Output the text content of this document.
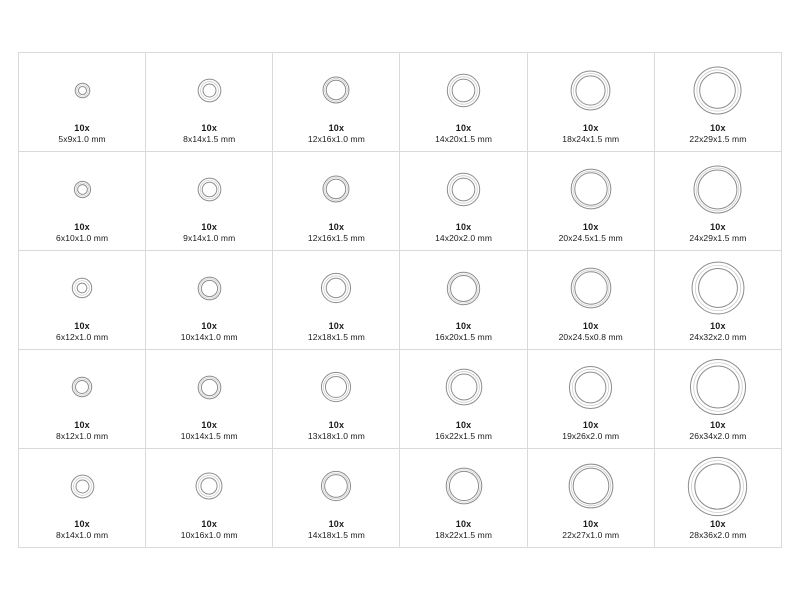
10x
5x9x1.0 mm
10x
8x14x1.5 mm
10x
12x16x1.0 mm
10x
14x20x1.5 mm
10x
18x24x1.5 mm
10x
22x29x1.5 mm
10x
6x10x1.0 mm
10x
9x14x1.0 mm
10x
12x16x1.5 mm
10x
14x20x2.0 mm
10x
20x24.5x1.5 mm
10x
24x29x1.5 mm
10x
6x12x1.0 mm
10x
10x14x1.0 mm
10x
12x18x1.5 mm
10x
16x20x1.5 mm
10x
20x24.5x0.8 mm
10x
24x32x2.0 mm
10x
8x12x1.0 mm
10x
10x14x1.5 mm
10x
13x18x1.0 mm
10x
16x22x1.5 mm
10x
19x26x2.0 mm
10x
26x34x2.0 mm
10x
8x14x1.0 mm
10x
10x16x1.0 mm
10x
14x18x1.5 mm
10x
18x22x1.5 mm
10x
22x27x1.0 mm
10x
28x36x2.0 mm
